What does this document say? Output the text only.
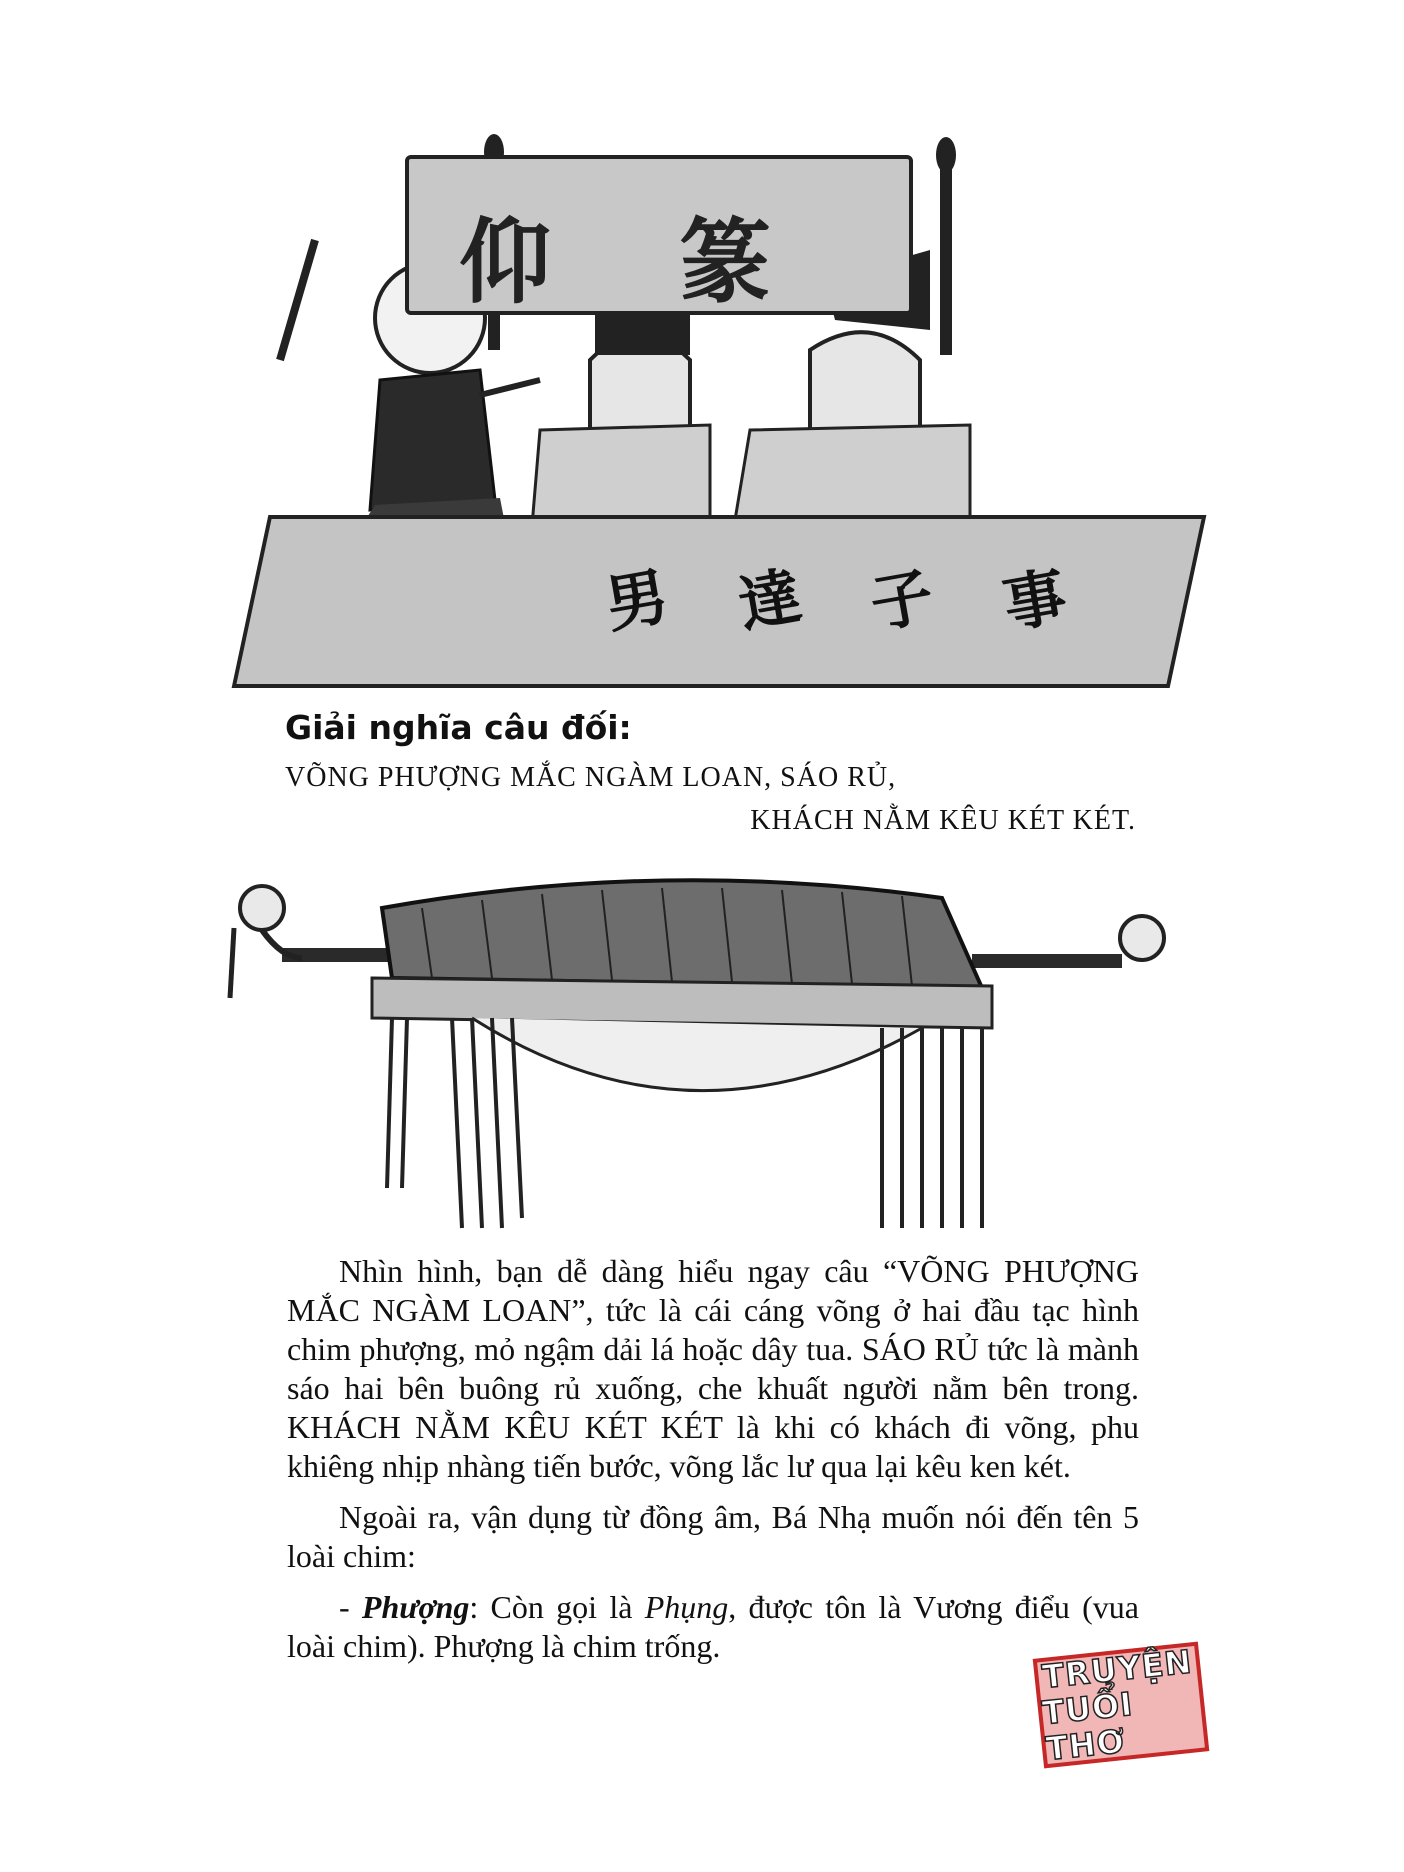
仰 篆
男 達 子 事
Giải nghĩa câu đối:
VÕNG PHƯỢNG MẮC NGÀM LOAN, SÁO RỦ,
KHÁCH NẰM KÊU KÉT KÉT.

Nhìn hình, bạn dễ dàng hiểu ngay câu “VÕNG PHƯỢNG MẮC NGÀM LOAN”, tức là cái cáng võng ở hai đầu tạc hình chim phượng, mỏ ngậm dải lá hoặc dây tua. SÁO RỦ tức là mành sáo hai bên buông rủ xuống, che khuất người nằm bên trong. KHÁCH NẰM KÊU KÉT KÉT là khi có khách đi võng, phu khiêng nhịp nhàng tiến bước, võng lắc lư qua lại kêu ken két.

Ngoài ra, vận dụng từ đồng âm, Bá Nhạ muốn nói đến tên 5 loài chim:

- Phượng: Còn gọi là Phụng, được tôn là Vương điểu (vua loài chim). Phượng là chim trống.	TRUYỆN
TUỔI THƠ
